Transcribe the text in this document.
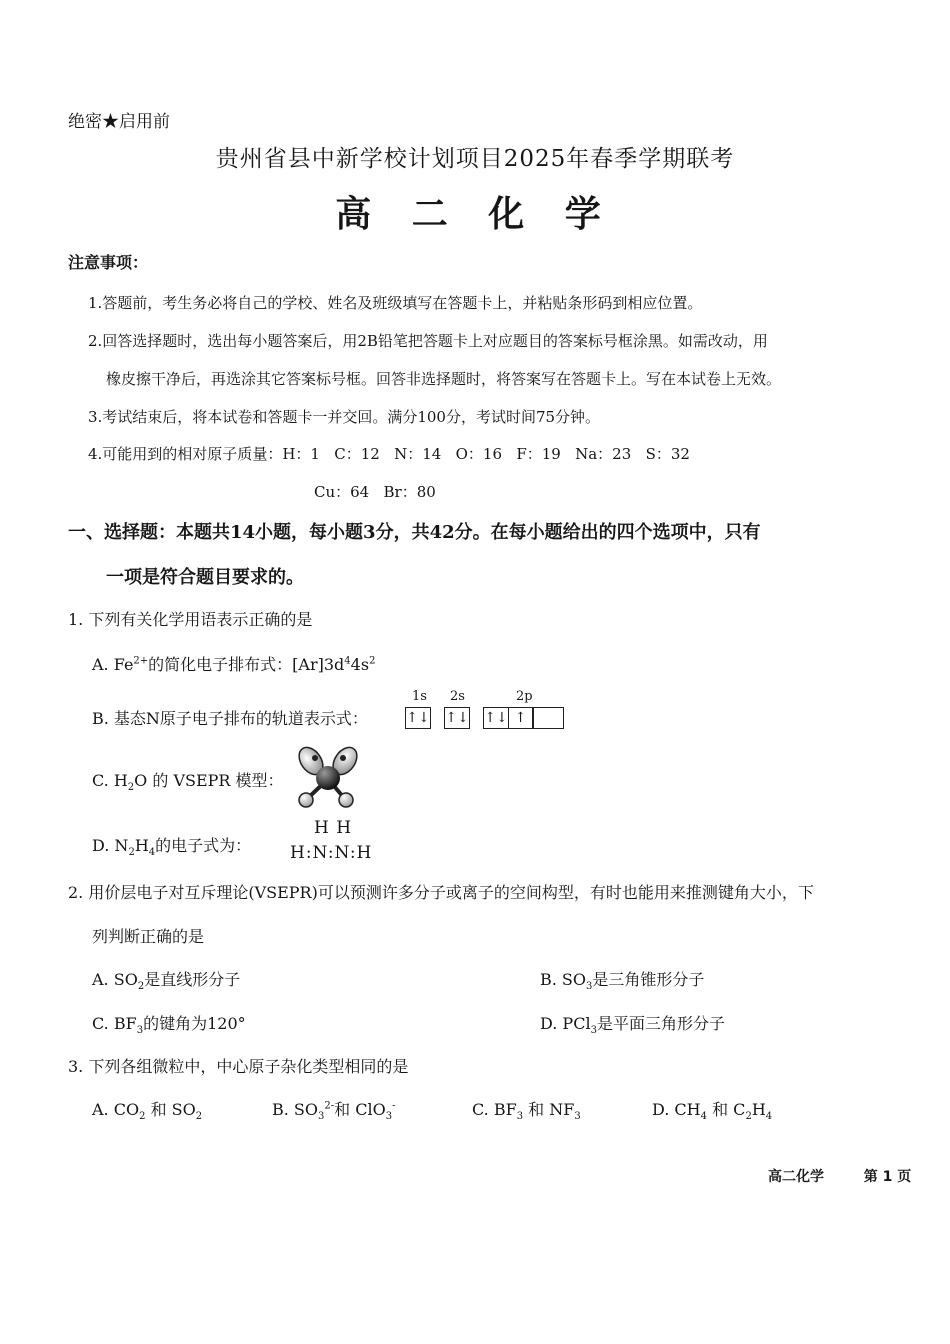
绝密★启用前
贵州省县中新学校计划项目2025年春季学期联考
高 二 化 学
注意事项：
1.答题前，考生务必将自己的学校、姓名及班级填写在答题卡上，并粘贴条形码到相应位置。
2.回答选择题时，选出每小题答案后，用2B铅笔把答题卡上对应题目的答案标号框涂黑。如需改动，用
橡皮擦干净后，再选涂其它答案标号框。回答非选择题时，将答案写在答题卡上。写在本试卷上无效。
3.考试结束后，将本试卷和答题卡一并交回。满分100分，考试时间75分钟。
4.可能用到的相对原子质量：H：1   C：12   N：14   O：16   F：19   Na：23   S：32
Cu：64   Br：80
一、选择题：本题共14小题，每小题3分，共42分。在每小题给出的四个选项中，只有
一项是符合题目要求的。
1. 下列有关化学用语表示正确的是
A. $Fe^{2+}$的简化电子排布式：$[Ar]3d^44s^2$
B. 基态N原子电子排布的轨道表示式：
1s 2s	2p
↑↓ ↑↓ ↑↓ ↑
C. $H_2O$ 的 VSEPR 模型：
D. $N_2H_4$的电子式为：
H H
H:N:N:H
2. 用价层电子对互斥理论(VSEPR)可以预测许多分子或离子的空间构型，有时也能用来推测键角大小，下
列判断正确的是
A. $SO_2$是直线形分子	B. $SO_3$是三角锥形分子
C. $BF_3$的键角为120°	D. PCl$_3$是平面三角形分子
3. 下列各组微粒中，中心原子杂化类型相同的是
A. $CO_2$ 和 $SO_2$	B. $SO_3^{2-}$和 ClO$_3$-	C. $BF_3$ 和 $NF_3$	D. $CH_4$ 和 $C_2H_4$
高二化学	第 1 页
